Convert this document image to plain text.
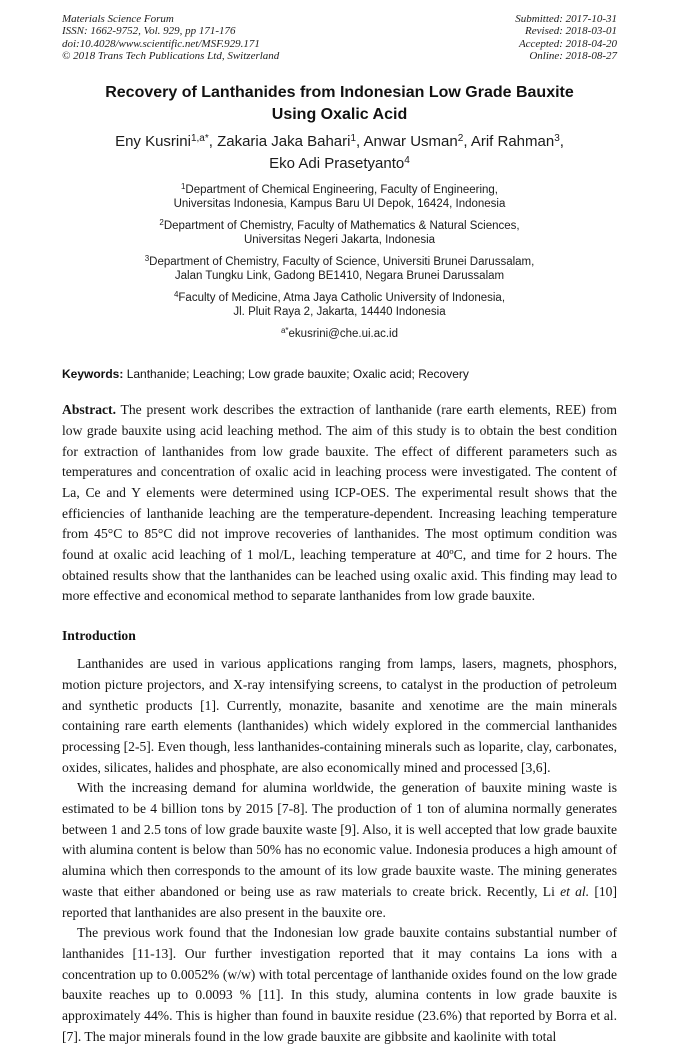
Materials Science Forum
ISSN: 1662-9752, Vol. 929, pp 171-176
doi:10.4028/www.scientific.net/MSF.929.171
© 2018 Trans Tech Publications Ltd, Switzerland
Submitted: 2017-10-31
Revised: 2018-03-01
Accepted: 2018-04-20
Online: 2018-08-27
Recovery of Lanthanides from Indonesian Low Grade Bauxite
Using Oxalic Acid
Eny Kusrini$^{1,a*}$, Zakaria Jaka Bahari$^1$, Anwar Usman$^2$, Arif Rahman$^3$,
Eko Adi Prasetyanto$^4$
$^1$Department of Chemical Engineering, Faculty of Engineering,
Universitas Indonesia, Kampus Baru UI Depok, 16424, Indonesia
$^2$Department of Chemistry, Faculty of Mathematics & Natural Sciences,
Universitas Negeri Jakarta, Indonesia
$^3$Department of Chemistry, Faculty of Science, Universiti Brunei Darussalam,
Jalan Tungku Link, Gadong BE1410, Negara Brunei Darussalam
$^4$Faculty of Medicine, Atma Jaya Catholic University of Indonesia,
Jl. Pluit Raya 2, Jakarta, 14440 Indonesia
$^{a*}$ekusrini@che.ui.ac.id
Keywords: Lanthanide; Leaching; Low grade bauxite; Oxalic acid; Recovery

Abstract. The present work describes the extraction of lanthanide (rare earth elements, REE) from low grade bauxite using acid leaching method. The aim of this study is to obtain the best condition for extraction of lanthanides from low grade bauxite. The effect of different parameters such as temperatures and concentration of oxalic acid in leaching process were investigated. The content of La, Ce and Y elements were determined using ICP-OES. The experimental result shows that the efficiencies of lanthanide leaching are the temperature-dependent. Increasing leaching temperature from 45°C to 85°C did not improve recoveries of lanthanides. The most optimum condition was found at oxalic acid leaching of 1 mol/L, leaching temperature at 40ºC, and time for 2 hours. The obtained results show that the lanthanides can be leached using oxalic axid. This finding may lead to more effective and economical method to separate lanthanides from low grade bauxite.

Introduction

Lanthanides are used in various applications ranging from lamps, lasers, magnets, phosphors, motion picture projectors, and X-ray intensifying screens, to catalyst in the production of petroleum and synthetic products [1]. Currently, monazite, basanite and xenotime are the main minerals containing rare earth elements (lanthanides) which widely explored in the commercial lanthanides processing [2-5]. Even though, less lanthanides-containing minerals such as loparite, clay, carbonates, oxides, silicates, halides and phosphate, are also economically mined and processed [3,6].

With the increasing demand for alumina worldwide, the generation of bauxite mining waste is estimated to be 4 billion tons by 2015 [7-8]. The production of 1 ton of alumina normally generates between 1 and 2.5 tons of low grade bauxite waste [9]. Also, it is well accepted that low grade bauxite with alumina content is below than 50% has no economic value. Indonesia produces a high amount of alumina which then corresponds to the amount of its low grade bauxite waste. The mining generates waste that either abandoned or being use as raw materials to create brick. Recently, Li et al. [10] reported that lanthanides are also present in the bauxite ore.

The previous work found that the Indonesian low grade bauxite contains substantial number of lanthanides [11-13]. Our further investigation reported that it may contains La ions with a concentration up to 0.0052% (w/w) with total percentage of lanthanide oxides found on the low grade bauxite reaches up to 0.0093 % [11]. In this study, alumina contents in low grade bauxite is approximately 44%. This is higher than found in bauxite residue (23.6%) that reported by Borra et al. [7]. The major minerals found in the low grade bauxite are gibbsite and kaolinite with total
